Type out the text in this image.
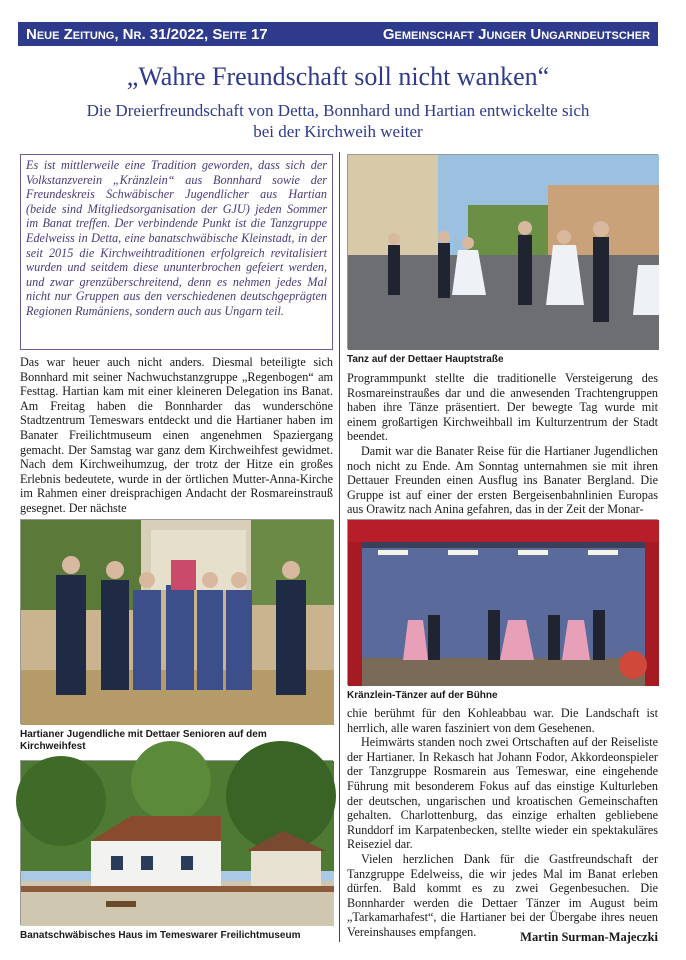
Neue Zeitung, Nr. 31/2022, Seite 17	Gemeinschaft Junger Ungarndeutscher
„Wahre Freundschaft soll nicht wanken“
Die Dreierfreundschaft von Detta, Bonnhard und Hartian entwickelte sich
bei der Kirchweih weiter
Es ist mittlerweile eine Tradition geworden, dass sich der Volkstanzverein „Kränzlein“ aus Bonnhard sowie der Freundeskreis Schwäbischer Jugendlicher aus Hartian (beide sind Mitgliedsorganisation der GJU) jeden Sommer im Banat treffen. Der verbindende Punkt ist die Tanzgruppe Edelweiss in Detta, eine banatschwäbische Kleinstadt, in der seit 2015 die Kirchweihtraditionen erfolgreich revitalisiert wurden und seitdem diese ununterbrochen gefeiert werden, und zwar grenzüberschreitend, denn es nehmen jedes Mal nicht nur Gruppen aus den verschiedenen deutschgeprägten Regionen Rumäniens, sondern auch aus Ungarn teil.

Das war heuer auch nicht anders. Diesmal beteiligte sich Bonnhard mit seiner Nachwuchstanzgruppe „Regenbogen“ am Festtag. Hartian kam mit einer kleineren Delegation ins Banat. Am Freitag haben die Bonnharder das wunderschöne Stadtzentrum Temeswars entdeckt und die Hartianer haben im Banater Freilichtmuseum einen angenehmen Spaziergang gemacht. Der Samstag war ganz dem Kirchweihfest gewidmet. Nach dem Kirchweihumzug, der trotz der Hitze ein großes Erlebnis bedeutete, wurde in der örtlichen Mutter-Anna-Kirche im Rahmen einer dreisprachigen Andacht der Rosmareinstrauß gesegnet. Der nächste

Hartianer Jugendliche mit Dettaer Senioren auf dem Kirchweihfest
Banatschwäbisches Haus im Temeswarer Freilichtmuseum
Tanz auf der Dettaer Hauptstraße

Programmpunkt stellte die traditionelle Versteigerung des Rosmareinstraußes dar und die anwesenden Trachtengruppen haben ihre Tänze präsentiert. Der bewegte Tag wurde mit einem großartigen Kirchweihball im Kulturzentrum der Stadt beendet.

Damit war die Banater Reise für die Hartianer Jugendlichen noch nicht zu Ende. Am Sonntag unternahmen sie mit ihren Dettauer Freunden einen Ausflug ins Banater Bergland. Die Gruppe ist auf einer der ersten Bergeisenbahnlinien Europas aus Orawitz nach Anina gefahren, das in der Zeit der Monar-

Kränzlein-Tänzer auf der Bühne

chie berühmt für den Kohleabbau war. Die Landschaft ist herrlich, alle waren fasziniert von dem Gesehenen.

Heimwärts standen noch zwei Ortschaften auf der Reiseliste der Hartianer. In Rekasch hat Johann Fodor, Akkordeonspieler der Tanzgruppe Rosmarein aus Temeswar, eine eingehende Führung mit besonderem Fokus auf das einstige Kulturleben der deutschen, ungarischen und kroatischen Gemeinschaften gehalten. Charlottenburg, das einzige erhalten gebliebene Runddorf im Karpatenbecken, stellte wieder ein spektakuläres Reiseziel dar.

Vielen herzlichen Dank für die Gastfreundschaft der Tanzgruppe Edelweiss, die wir jedes Mal im Banat erleben dürfen. Bald kommt es zu zwei Gegenbesuchen. Die Bonnharder werden die Dettaer Tänzer im August beim „Tarkamarhafest“, die Hartianer bei der Übergabe ihres neuen Vereinshauses empfangen.	Martin Surman-Majeczki
